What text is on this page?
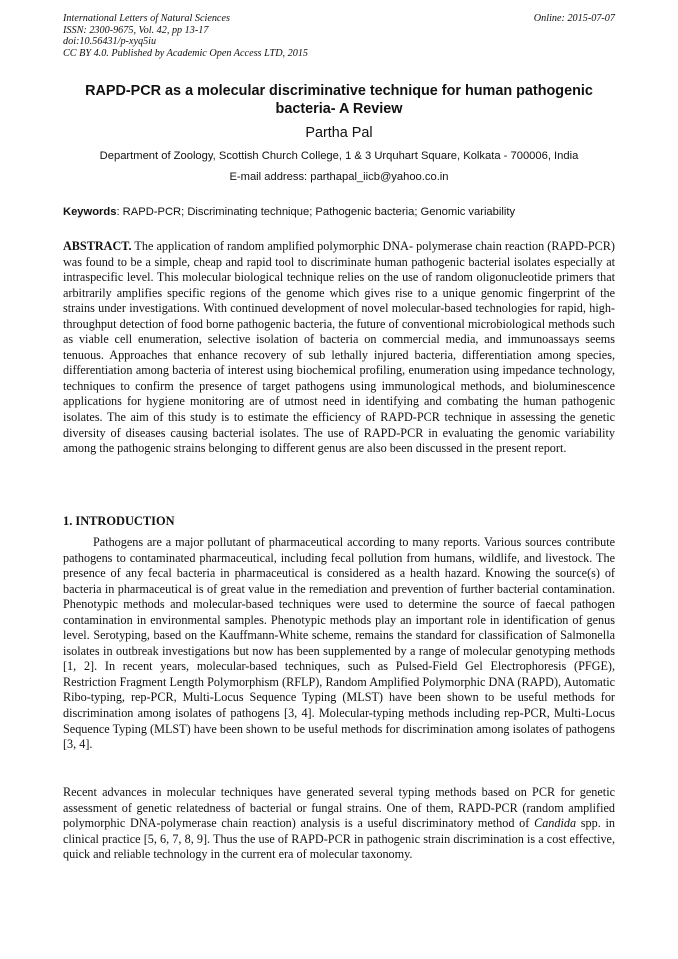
International Letters of Natural Sciences
ISSN: 2300-9675, Vol. 42, pp 13-17
doi:10.56431/p-xyq5iu
CC BY 4.0. Published by Academic Open Access LTD, 2015
Online: 2015-07-07
RAPD-PCR as a molecular discriminative technique for human pathogenic bacteria- A Review
Partha Pal
Department of Zoology, Scottish Church College, 1 & 3 Urquhart Square, Kolkata - 700006, India
E-mail address: parthapal_iicb@yahoo.co.in
Keywords: RAPD-PCR; Discriminating technique; Pathogenic bacteria; Genomic variability
ABSTRACT. The application of random amplified polymorphic DNA- polymerase chain reaction (RAPD-PCR) was found to be a simple, cheap and rapid tool to discriminate human pathogenic bacterial isolates especially at intraspecific level. This molecular biological technique relies on the use of random oligonucleotide primers that arbitrarily amplifies specific regions of the genome which gives rise to a unique genomic fingerprint of the strains under investigations. With continued development of novel molecular-based technologies for rapid, high-throughput detection of food borne pathogenic bacteria, the future of conventional microbiological methods such as viable cell enumeration, selective isolation of bacteria on commercial media, and immunoassays seems tenuous. Approaches that enhance recovery of sub lethally injured bacteria, differentiation among species, differentiation among bacteria of interest using biochemical profiling, enumeration using impedance technology, techniques to confirm the presence of target pathogens using immunological methods, and bioluminescence applications for hygiene monitoring are of utmost need in identifying and combating the human pathogenic isolates. The aim of this study is to estimate the efficiency of RAPD-PCR technique in assessing the genetic diversity of diseases causing bacterial isolates. The use of RAPD-PCR in evaluating the genomic variability among the pathogenic strains belonging to different genus are also been discussed in the present report.
1. INTRODUCTION
Pathogens are a major pollutant of pharmaceutical according to many reports. Various sources contribute pathogens to contaminated pharmaceutical, including fecal pollution from humans, wildlife, and livestock. The presence of any fecal bacteria in pharmaceutical is considered as a health hazard. Knowing the source(s) of bacteria in pharmaceutical is of great value in the remediation and prevention of further bacterial contamination. Phenotypic methods and molecular-based techniques were used to determine the source of faecal pathogen contamination in environmental samples. Phenotypic methods play an important role in identification of genus level. Serotyping, based on the Kauffmann-White scheme, remains the standard for classification of Salmonella isolates in outbreak investigations but now has been supplemented by a range of molecular genotyping methods [1, 2]. In recent years, molecular-based techniques, such as Pulsed-Field Gel Electrophoresis (PFGE), Restriction Fragment Length Polymorphism (RFLP), Random Amplified Polymorphic DNA (RAPD), Automatic Ribo-typing, rep-PCR, Multi-Locus Sequence Typing (MLST) have been shown to be useful methods for discrimination among isolates of pathogens [3, 4]. Molecular-typing methods including rep-PCR, Multi-Locus Sequence Typing (MLST) have been shown to be useful methods for discrimination among isolates of pathogens [3, 4].
Recent advances in molecular techniques have generated several typing methods based on PCR for genetic assessment of genetic relatedness of bacterial or fungal strains. One of them, RAPD-PCR (random amplified polymorphic DNA-polymerase chain reaction) analysis is a useful discriminatory method of Candida spp. in clinical practice [5, 6, 7, 8, 9]. Thus the use of RAPD-PCR in pathogenic strain discrimination is a cost effective, quick and reliable technology in the current era of molecular taxonomy.
